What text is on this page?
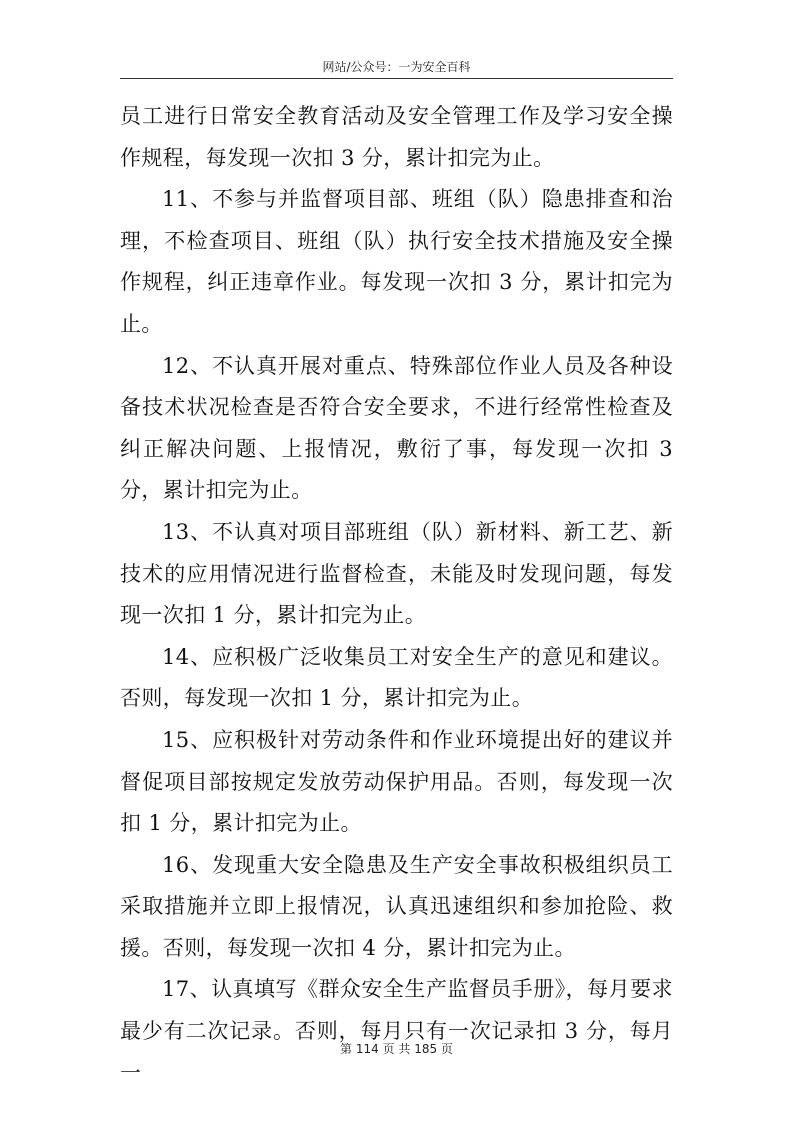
网站/公众号：一为安全百科

员工进行日常安全教育活动及安全管理工作及学习安全操作规程，每发现一次扣 3 分，累计扣完为止。

11、不参与并监督项目部、班组（队）隐患排查和治理，不检查项目、班组（队）执行安全技术措施及安全操作规程，纠正违章作业。每发现一次扣 3 分，累计扣完为止。

12、不认真开展对重点、特殊部位作业人员及各种设备技术状况检查是否符合安全要求，不进行经常性检查及纠正解决问题、上报情况，敷衍了事，每发现一次扣 3 分，累计扣完为止。

13、不认真对项目部班组（队）新材料、新工艺、新技术的应用情况进行监督检查，未能及时发现问题，每发现一次扣 1 分，累计扣完为止。

14、应积极广泛收集员工对安全生产的意见和建议。否则，每发现一次扣 1 分，累计扣完为止。

15、应积极针对劳动条件和作业环境提出好的建议并督促项目部按规定发放劳动保护用品。否则，每发现一次扣 1 分，累计扣完为止。

16、发现重大安全隐患及生产安全事故积极组织员工采取措施并立即上报情况，认真迅速组织和参加抢险、救援。否则，每发现一次扣 4 分，累计扣完为止。

17、认真填写《群众安全生产监督员手册》，每月要求最少有二次记录。否则，每月只有一次记录扣 3 分，每月一

第 114 页 共 185 页
